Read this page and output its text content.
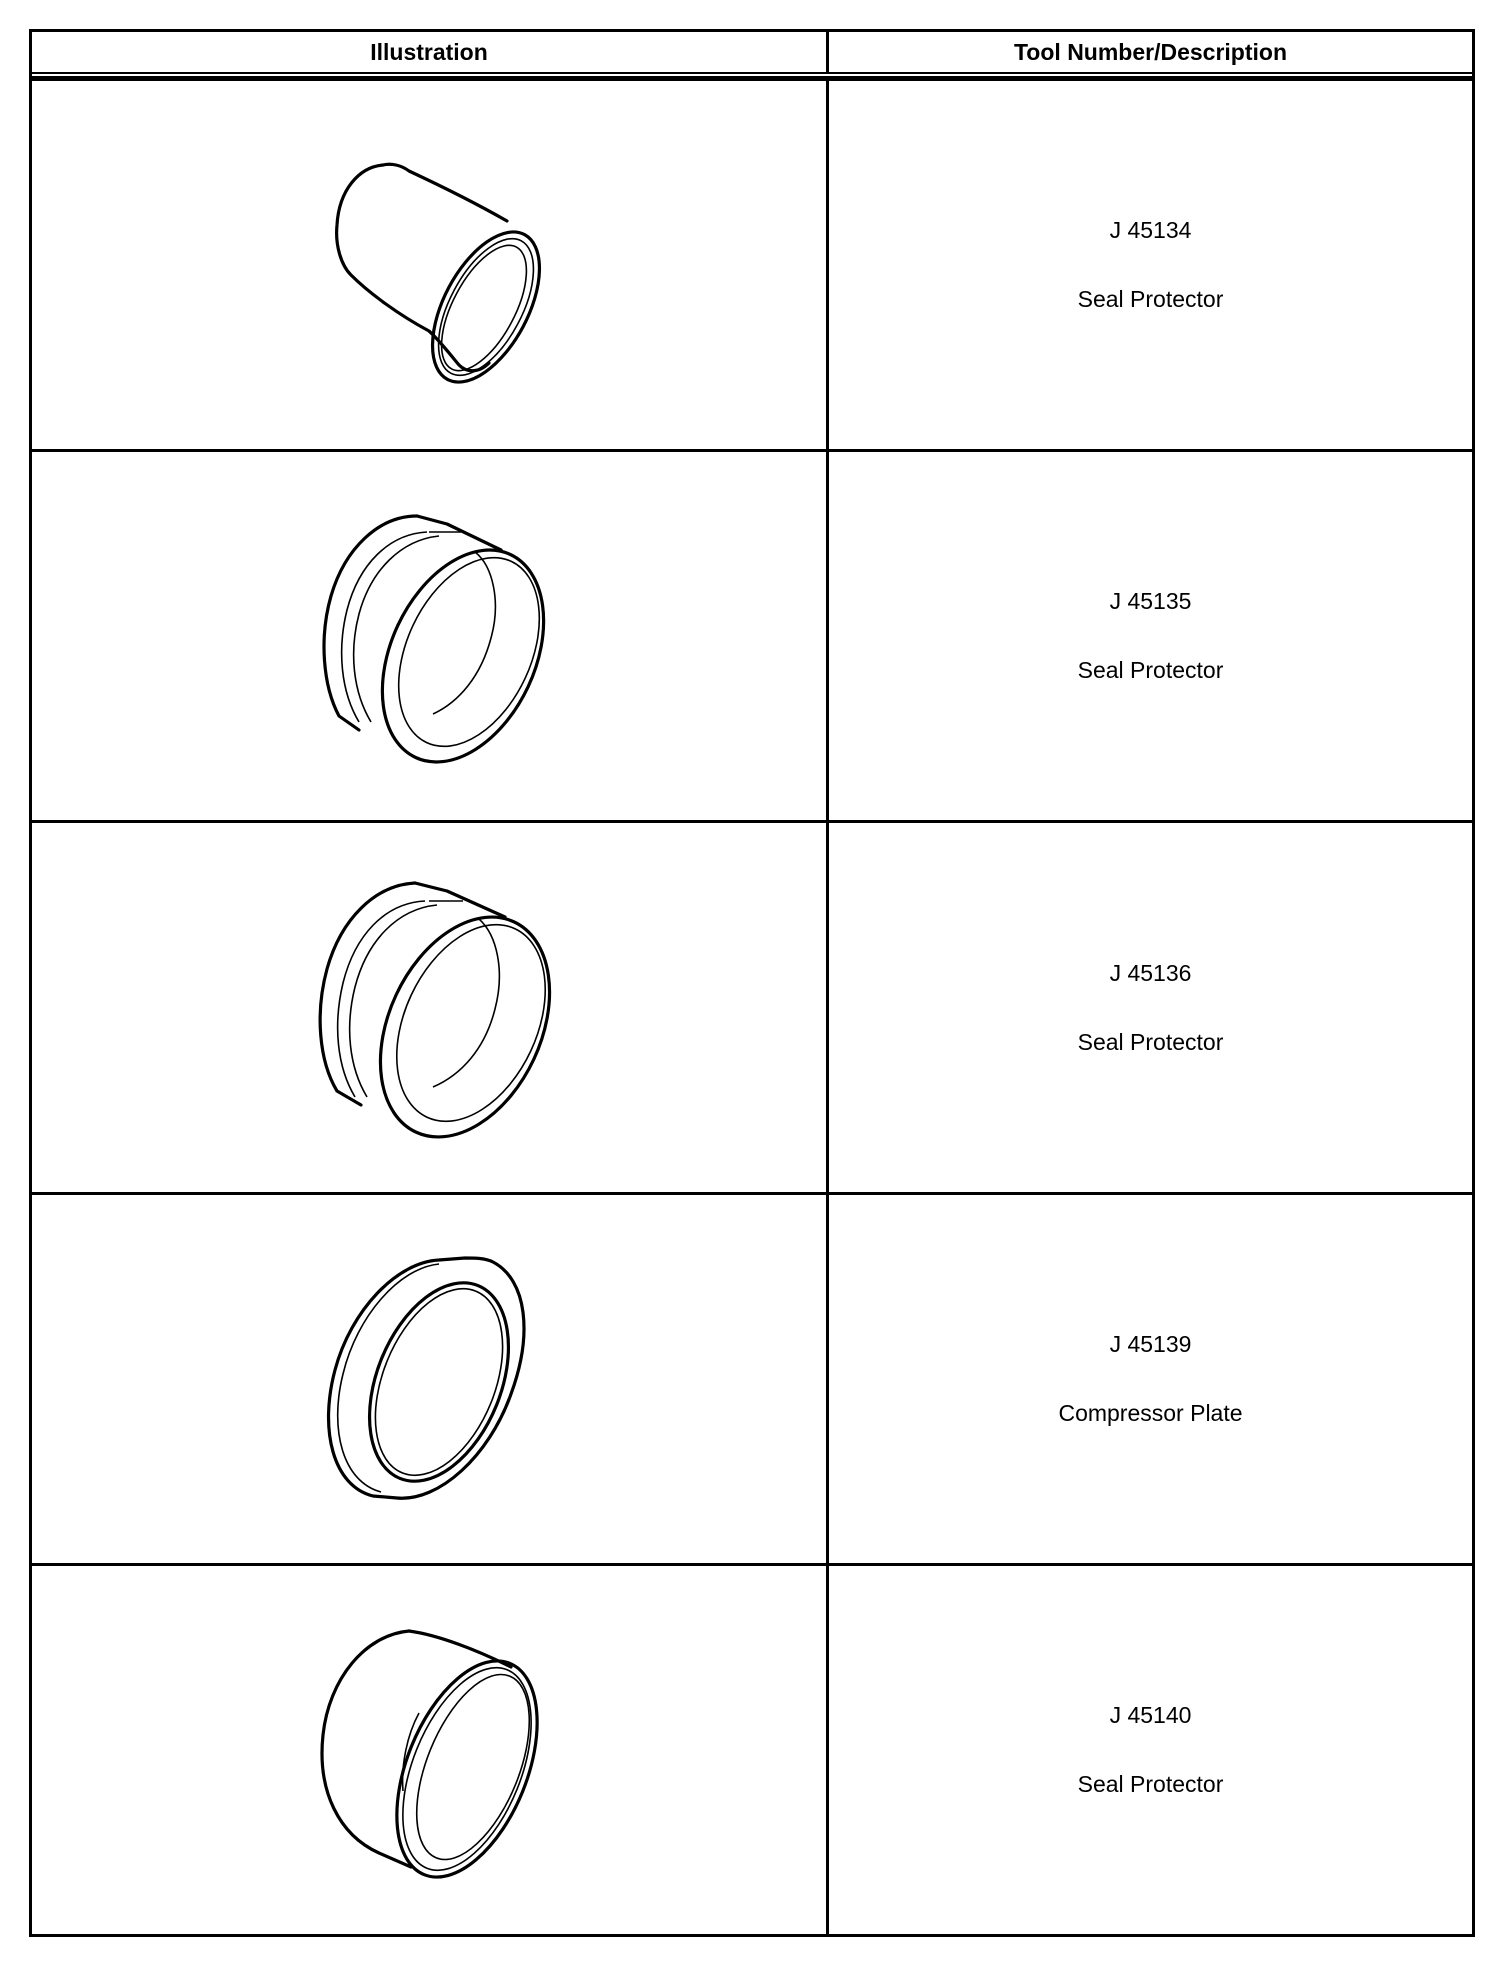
Illustration	Tool Number/Description
J 45134
Seal Protector
J 45135
Seal Protector
J 45136
Seal Protector
J 45139
Compressor Plate
J 45140
Seal Protector
